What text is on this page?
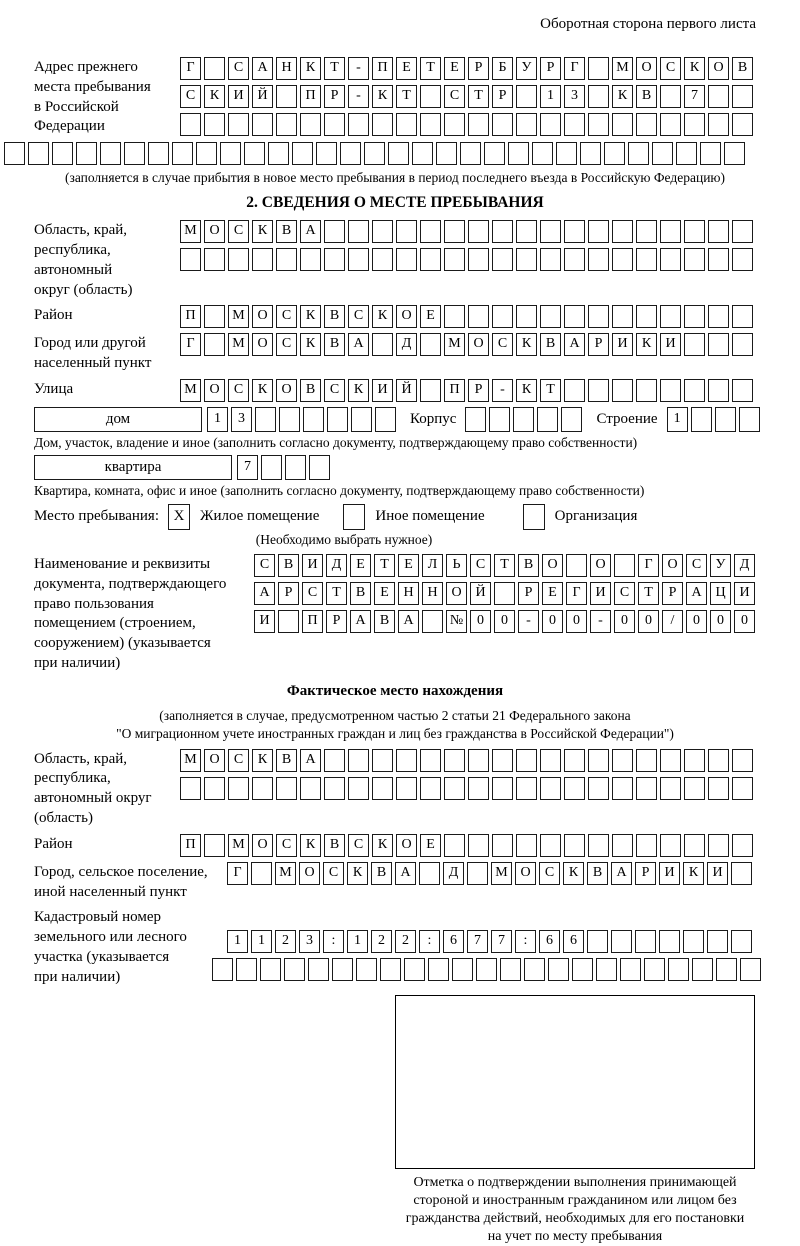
Оборотная сторона первого листа
Адрес прежнего
места пребывания
в Российской
Федерации
Г	С	А Н	К	Т	-	П	Е	Т	Е	Р	Б	У	Р	Г	М О	С	К	О	В
С	К	И Й	П	Р	-	К	Т	С	Т	Р	1	3	К	В	7
(заполняется в случае прибытия в новое место пребывания в период последнего въезда в Российскую Федерацию)
2. СВЕДЕНИЯ О МЕСТЕ ПРЕБЫВАНИЯ
Область, край,
республика,
автономный
округ (область)
М О	С	К	В	А
Район	П	М О	С	К	В	С	К	О	Е
Город или другой
населенный пункт
Г	М О	С	К	В	А	Д	М О	С	К	В	А	Р	И	К	И
Улица	М О	С	К	О	В	С	К	И Й	П	Р	-	К	Т
дом	1	3	Корпус	Строение	1
Дом, участок, владение и иное (заполнить согласно документу, подтверждающему право собственности)
квартира	7
Квартира, комната, офис и иное (заполнить согласно документу, подтверждающему право собственности)
Место пребывания: X	Жилое помещение	Иное помещение	Организация
(Необходимо выбрать нужное)
Наименование и реквизиты
документа, подтверждающего
право пользования
помещением (строением,
сооружением) (указывается
при наличии)
С	В	И	Д	Е	Т	Е	Л	Ь	С	Т	В	О	О	Г	О	С	У	Д
А	Р	С	Т	В	Е	Н Н О Й	Р	Е	Г	И	С	Т	Р	А Ц И
И	П	Р	А	В	А	№ 0	0	-	0	0	-	0	0	/	0	0	0
Фактическое место нахождения
(заполняется в случае, предусмотренном частью 2 статьи 21 Федерального закона
"О миграционном учете иностранных граждан и лиц без гражданства в Российской Федерации")
Область, край,
республика,
автономный округ
(область)
М О	С	К	В	А
Район	П	М О	С	К	В	С	К	О	Е
Город, сельское поселение,
иной населенный пункт
Г	М О	С	К	В	А	Д	М О	С	К	В	А	Р	И	К	И
Кадастровый номер
земельного или лесного
участка (указывается
при наличии)
1	1	2	3	:	1	2	2	:	6	7	7	:	6	6
Отметка о подтверждении выполнения принимающей
стороной и иностранным гражданином или лицом без
гражданства действий, необходимых для его постановки
на учет по месту пребывания
